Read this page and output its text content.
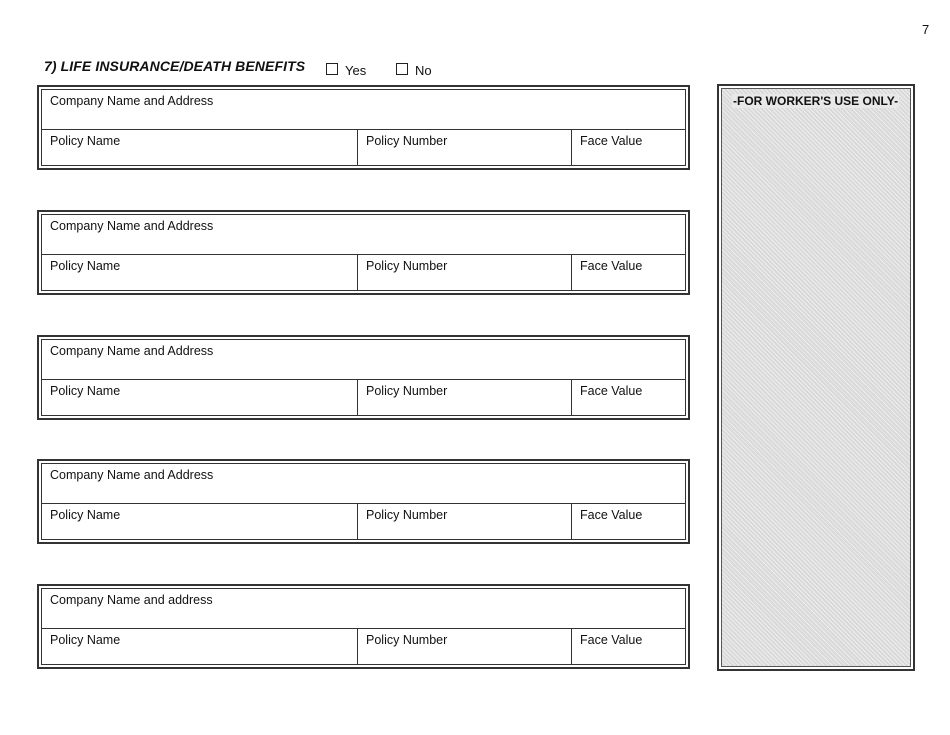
7
7) LIFE INSURANCE/DEATH BENEFITS	Yes	No
Company Name and Address
Policy Name	Policy Number	Face Value
Company Name and Address
Policy Name	Policy Number	Face Value
Company Name and Address
Policy Name	Policy Number	Face Value
Company Name and Address
Policy Name	Policy Number	Face Value
Company Name and address
Policy Name	Policy Number	Face Value
-FOR WORKER'S USE ONLY-
